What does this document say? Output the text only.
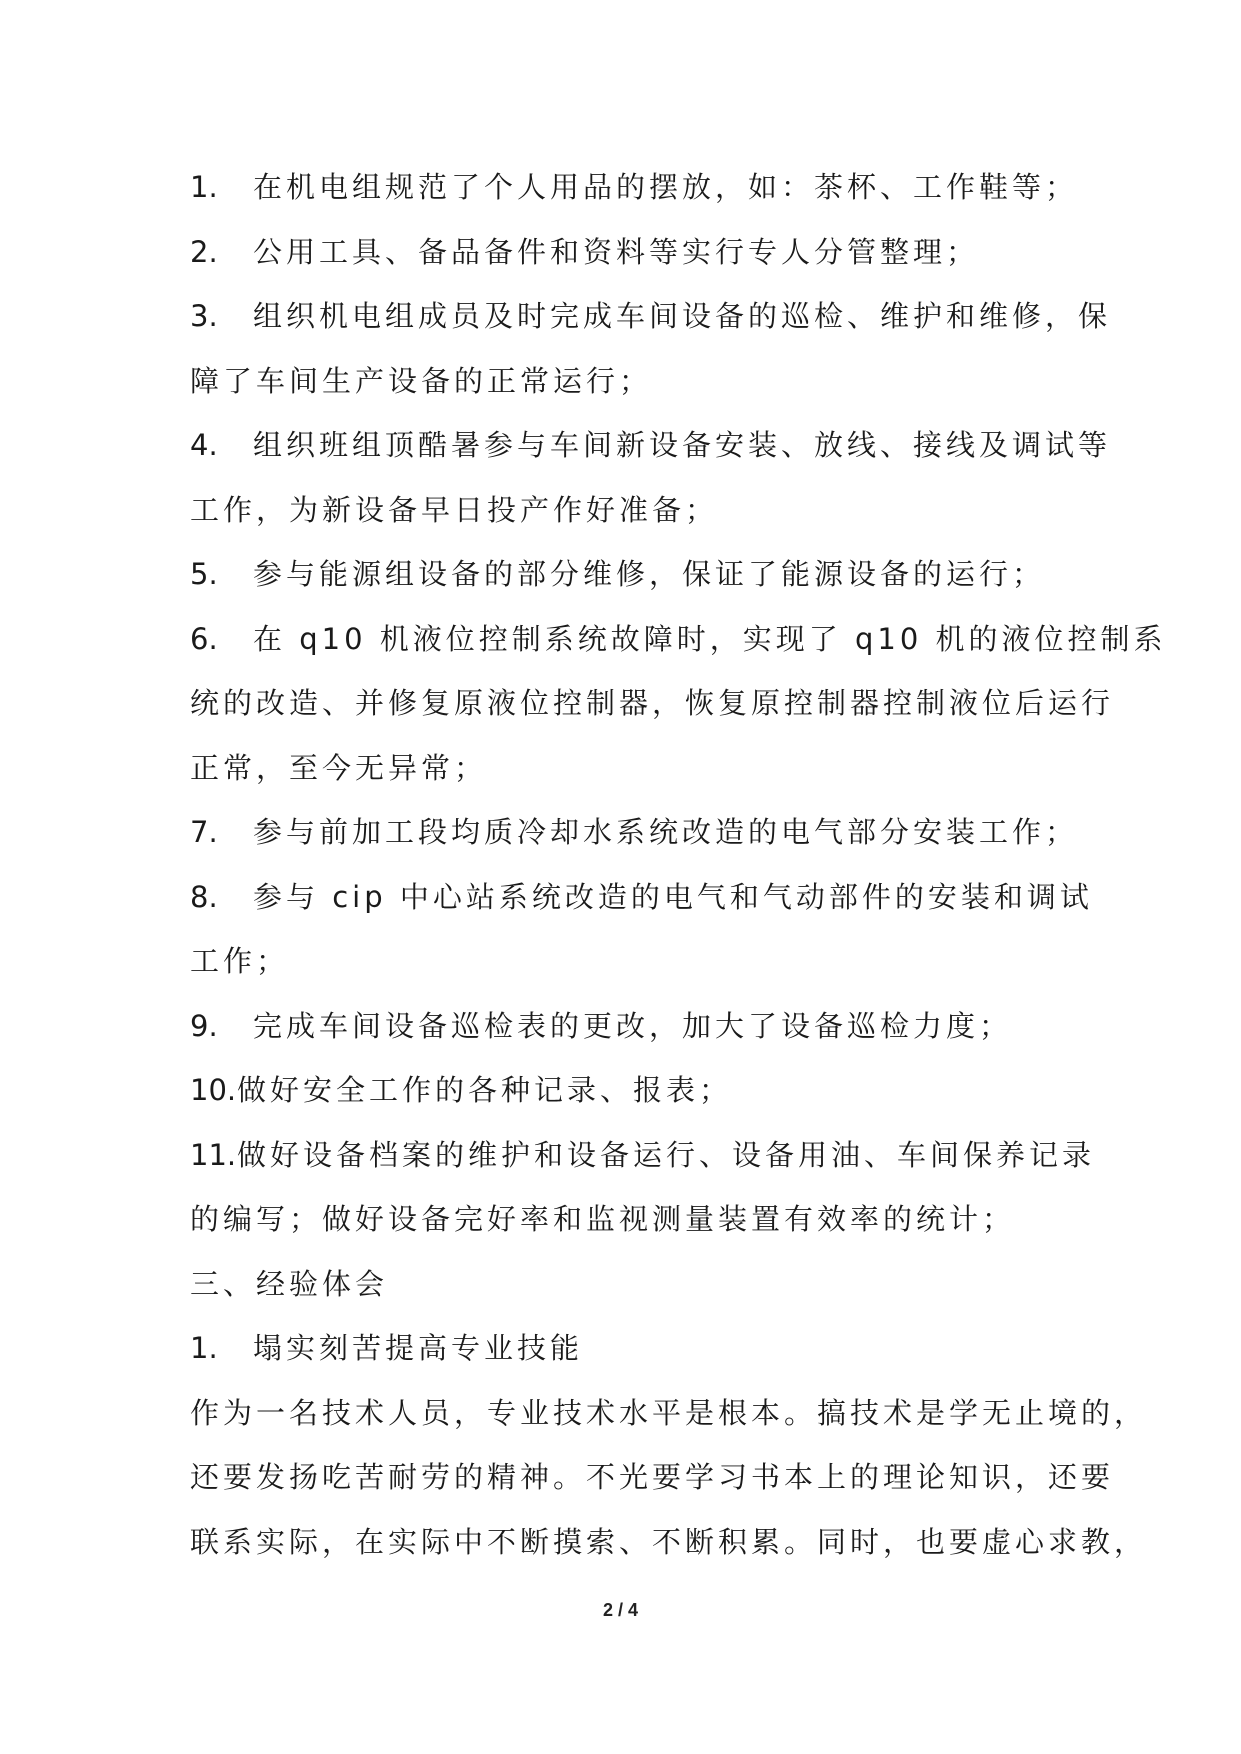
1. 在机电组规范了个人用品的摆放，如：茶杯、工作鞋等；
2. 公用工具、备品备件和资料等实行专人分管整理；
3. 组织机电组成员及时完成车间设备的巡检、维护和维修，保
障了车间生产设备的正常运行；
4. 组织班组顶酷暑参与车间新设备安装、放线、接线及调试等
工作，为新设备早日投产作好准备；
5. 参与能源组设备的部分维修，保证了能源设备的运行；
6. 在 q10 机液位控制系统故障时，实现了 q10 机的液位控制系
统的改造、并修复原液位控制器，恢复原控制器控制液位后运行
正常，至今无异常；
7. 参与前加工段均质冷却水系统改造的电气部分安装工作；
8. 参与 cip 中心站系统改造的电气和气动部件的安装和调试
工作；
9. 完成车间设备巡检表的更改，加大了设备巡检力度；
10.做好安全工作的各种记录、报表；
11.做好设备档案的维护和设备运行、设备用油、车间保养记录
的编写；做好设备完好率和监视测量装置有效率的统计；
三、经验体会
1. 塌实刻苦提高专业技能
作为一名技术人员，专业技术水平是根本。搞技术是学无止境的，
还要发扬吃苦耐劳的精神。不光要学习书本上的理论知识，还要
联系实际，在实际中不断摸索、不断积累。同时，也要虚心求教，
2 / 4
